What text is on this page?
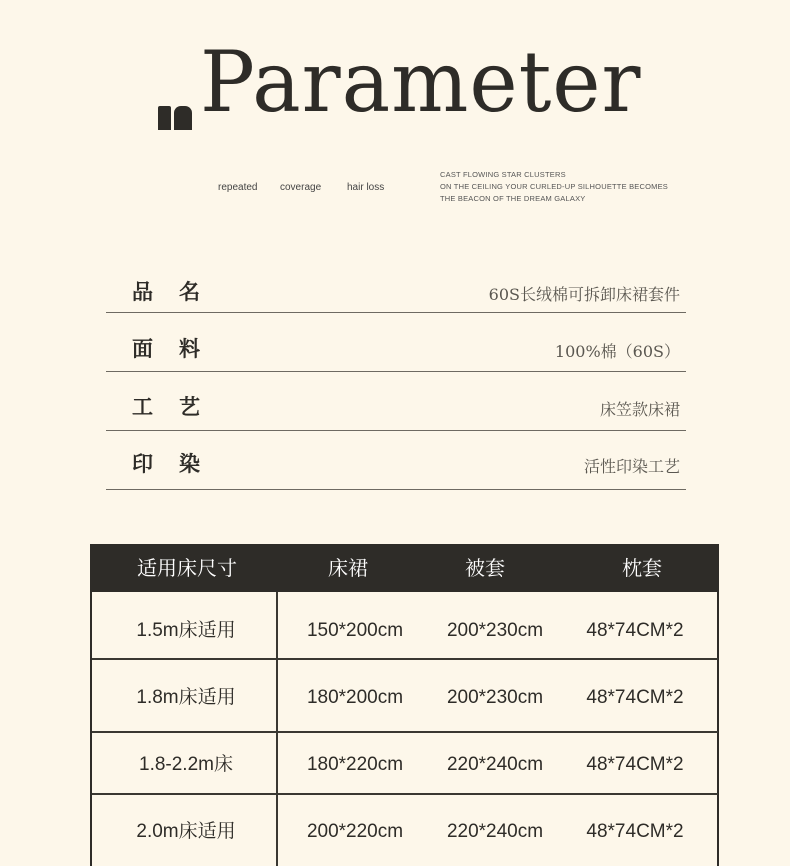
Parameter
repeated coverage	hair loss
CAST FLOWING STAR CLUSTERS
ON THE CEILING YOUR CURLED-UP SILHOUETTE BECOMES
THE BEACON OF THE DREAM GALAXY
品名	60S长绒棉可拆卸床裙套件
面料	100%棉（60S）
工艺	床笠款床裙
印染	活性印染工艺
适用床尺寸	床裙	被套	枕套
1.5m床适用	150*200cm	200*230cm	48*74CM*2
1.8m床适用	180*200cm	200*230cm	48*74CM*2
1.8-2.2m床	180*220cm	220*240cm	48*74CM*2
2.0m床适用	200*220cm	220*240cm	48*74CM*2
